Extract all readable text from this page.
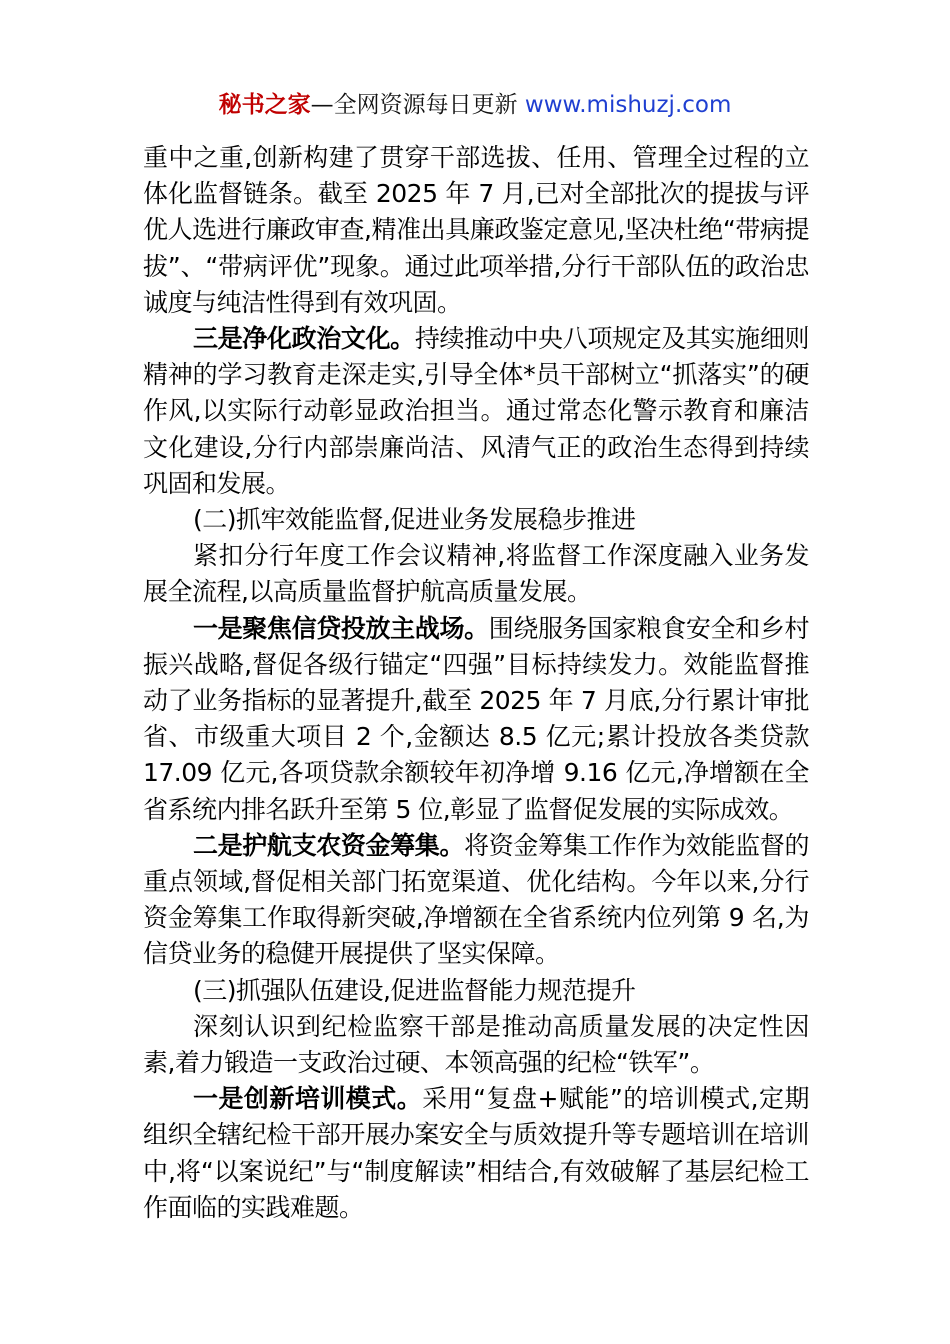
秘书之家—全网资源每日更新 www.mishuzj.com

重中之重,创新构建了贯穿干部选拔、任用、管理全过程的立体化监督链条。截至 2025 年 7 月,已对全部批次的提拔与评优人选进行廉政审查,精准出具廉政鉴定意见,坚决杜绝“带病提拔”、“带病评优”现象。通过此项举措,分行干部队伍的政治忠诚度与纯洁性得到有效巩固。

三是净化政治文化。持续推动中央八项规定及其实施细则精神的学习教育走深走实,引导全体*员干部树立“抓落实”的硬作风,以实际行动彰显政治担当。通过常态化警示教育和廉洁文化建设,分行内部崇廉尚洁、风清气正的政治生态得到持续巩固和发展。

(二)抓牢效能监督,促进业务发展稳步推进

紧扣分行年度工作会议精神,将监督工作深度融入业务发展全流程,以高质量监督护航高质量发展。

一是聚焦信贷投放主战场。围绕服务国家粮食安全和乡村振兴战略,督促各级行锚定“四强”目标持续发力。效能监督推动了业务指标的显著提升,截至 2025 年 7 月底,分行累计审批省、市级重大项目 2 个,金额达 8.5 亿元;累计投放各类贷款 17.09 亿元,各项贷款余额较年初净增 9.16 亿元,净增额在全省系统内排名跃升至第 5 位,彰显了监督促发展的实际成效。

二是护航支农资金筹集。将资金筹集工作作为效能监督的重点领域,督促相关部门拓宽渠道、优化结构。今年以来,分行资金筹集工作取得新突破,净增额在全省系统内位列第 9 名,为信贷业务的稳健开展提供了坚实保障。

(三)抓强队伍建设,促进监督能力规范提升

深刻认识到纪检监察干部是推动高质量发展的决定性因素,着力锻造一支政治过硬、本领高强的纪检“铁军”。

一是创新培训模式。采用“复盘+赋能”的培训模式,定期组织全辖纪检干部开展办案安全与质效提升等专题培训在培训中,将“以案说纪”与“制度解读”相结合,有效破解了基层纪检工作面临的实践难题。
